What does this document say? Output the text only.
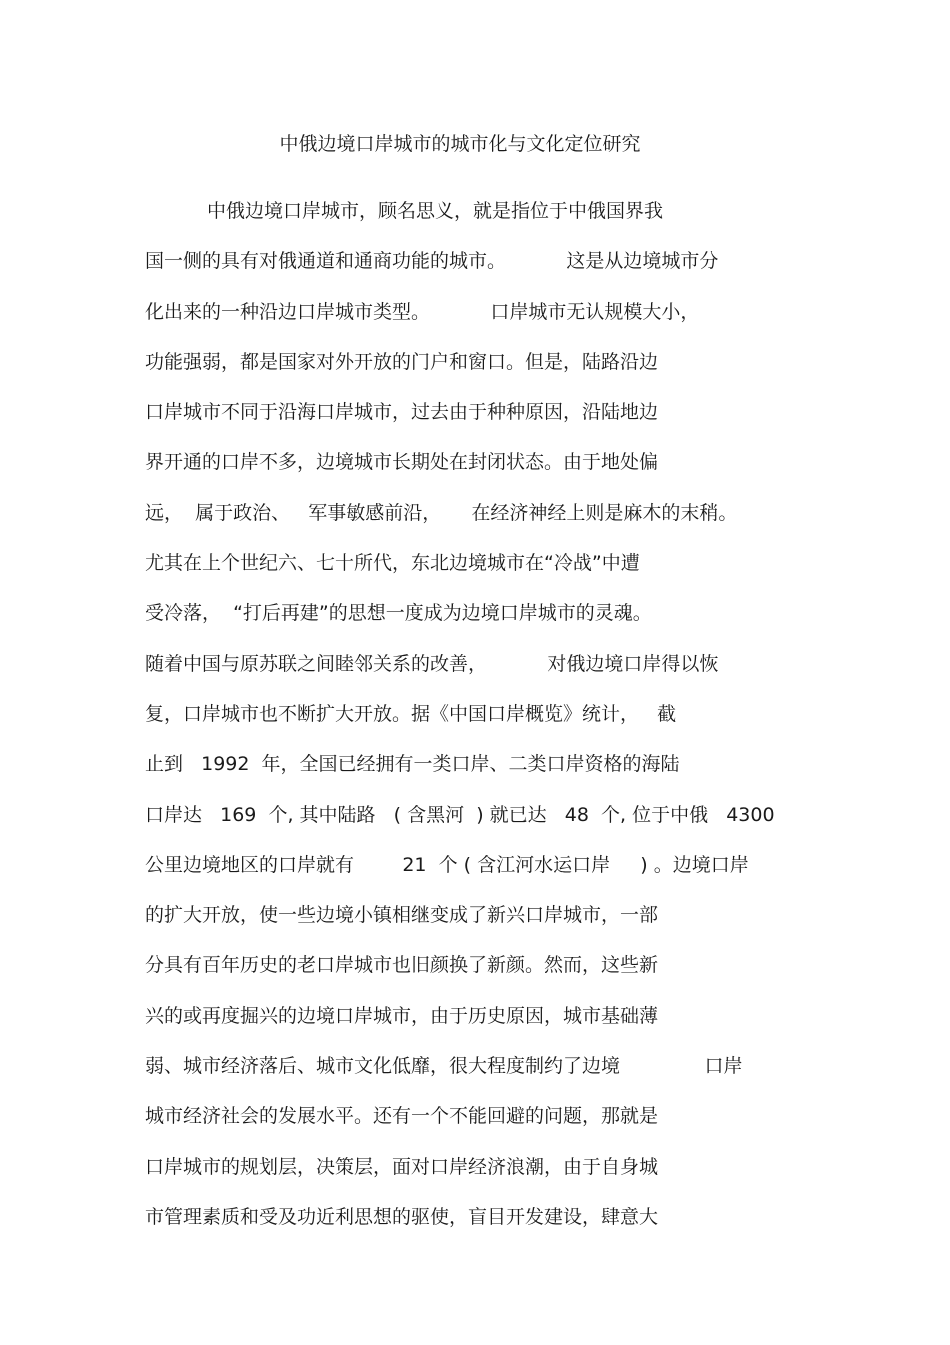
中俄边境口岸城市的城市化与文化定位研究
中俄边境口岸城市，顾名思义，就是指位于中俄国界我
国一侧的具有对俄通道和通商功能的城市。          这是从边境城市分
化出来的一种沿边口岸城市类型。          口岸城市无认规模大小，
功能强弱，都是国家对外开放的门户和窗口。但是，陆路沿边
口岸城市不同于沿海口岸城市，过去由于种种原因，沿陆地边
界开通的口岸不多，边境城市长期处在封闭状态。由于地处偏
远，  属于政治、   军事敏感前沿，     在经济神经上则是麻木的末稍。
尤其在上个世纪六、七十所代，东北边境城市在“冷战”中遭
受冷落，  “打后再建”的思想一度成为边境口岸城市的灵魂。
随着中国与原苏联之间睦邻关系的改善，          对俄边境口岸得以恢
复，口岸城市也不断扩大开放。据《中国口岸概览》统计，   截
止到   1992  年，全国已经拥有一类口岸、二类口岸资格的海陆
口岸达   169  个, 其中陆路   ( 含黑河  ) 就已达   48  个, 位于中俄   4300
公里边境地区的口岸就有        21  个 ( 含江河水运口岸     ) 。边境口岸
的扩大开放，使一些边境小镇相继变成了新兴口岸城市，一部
分具有百年历史的老口岸城市也旧颜换了新颜。然而，这些新
兴的或再度掘兴的边境口岸城市，由于历史原因，城市基础薄
弱、城市经济落后、城市文化低靡，很大程度制约了边境              口岸
城市经济社会的发展水平。还有一个不能回避的问题，那就是
口岸城市的规划层，决策层，面对口岸经济浪潮，由于自身城
市管理素质和受及功近利思想的驱使，盲目开发建设，肆意大
